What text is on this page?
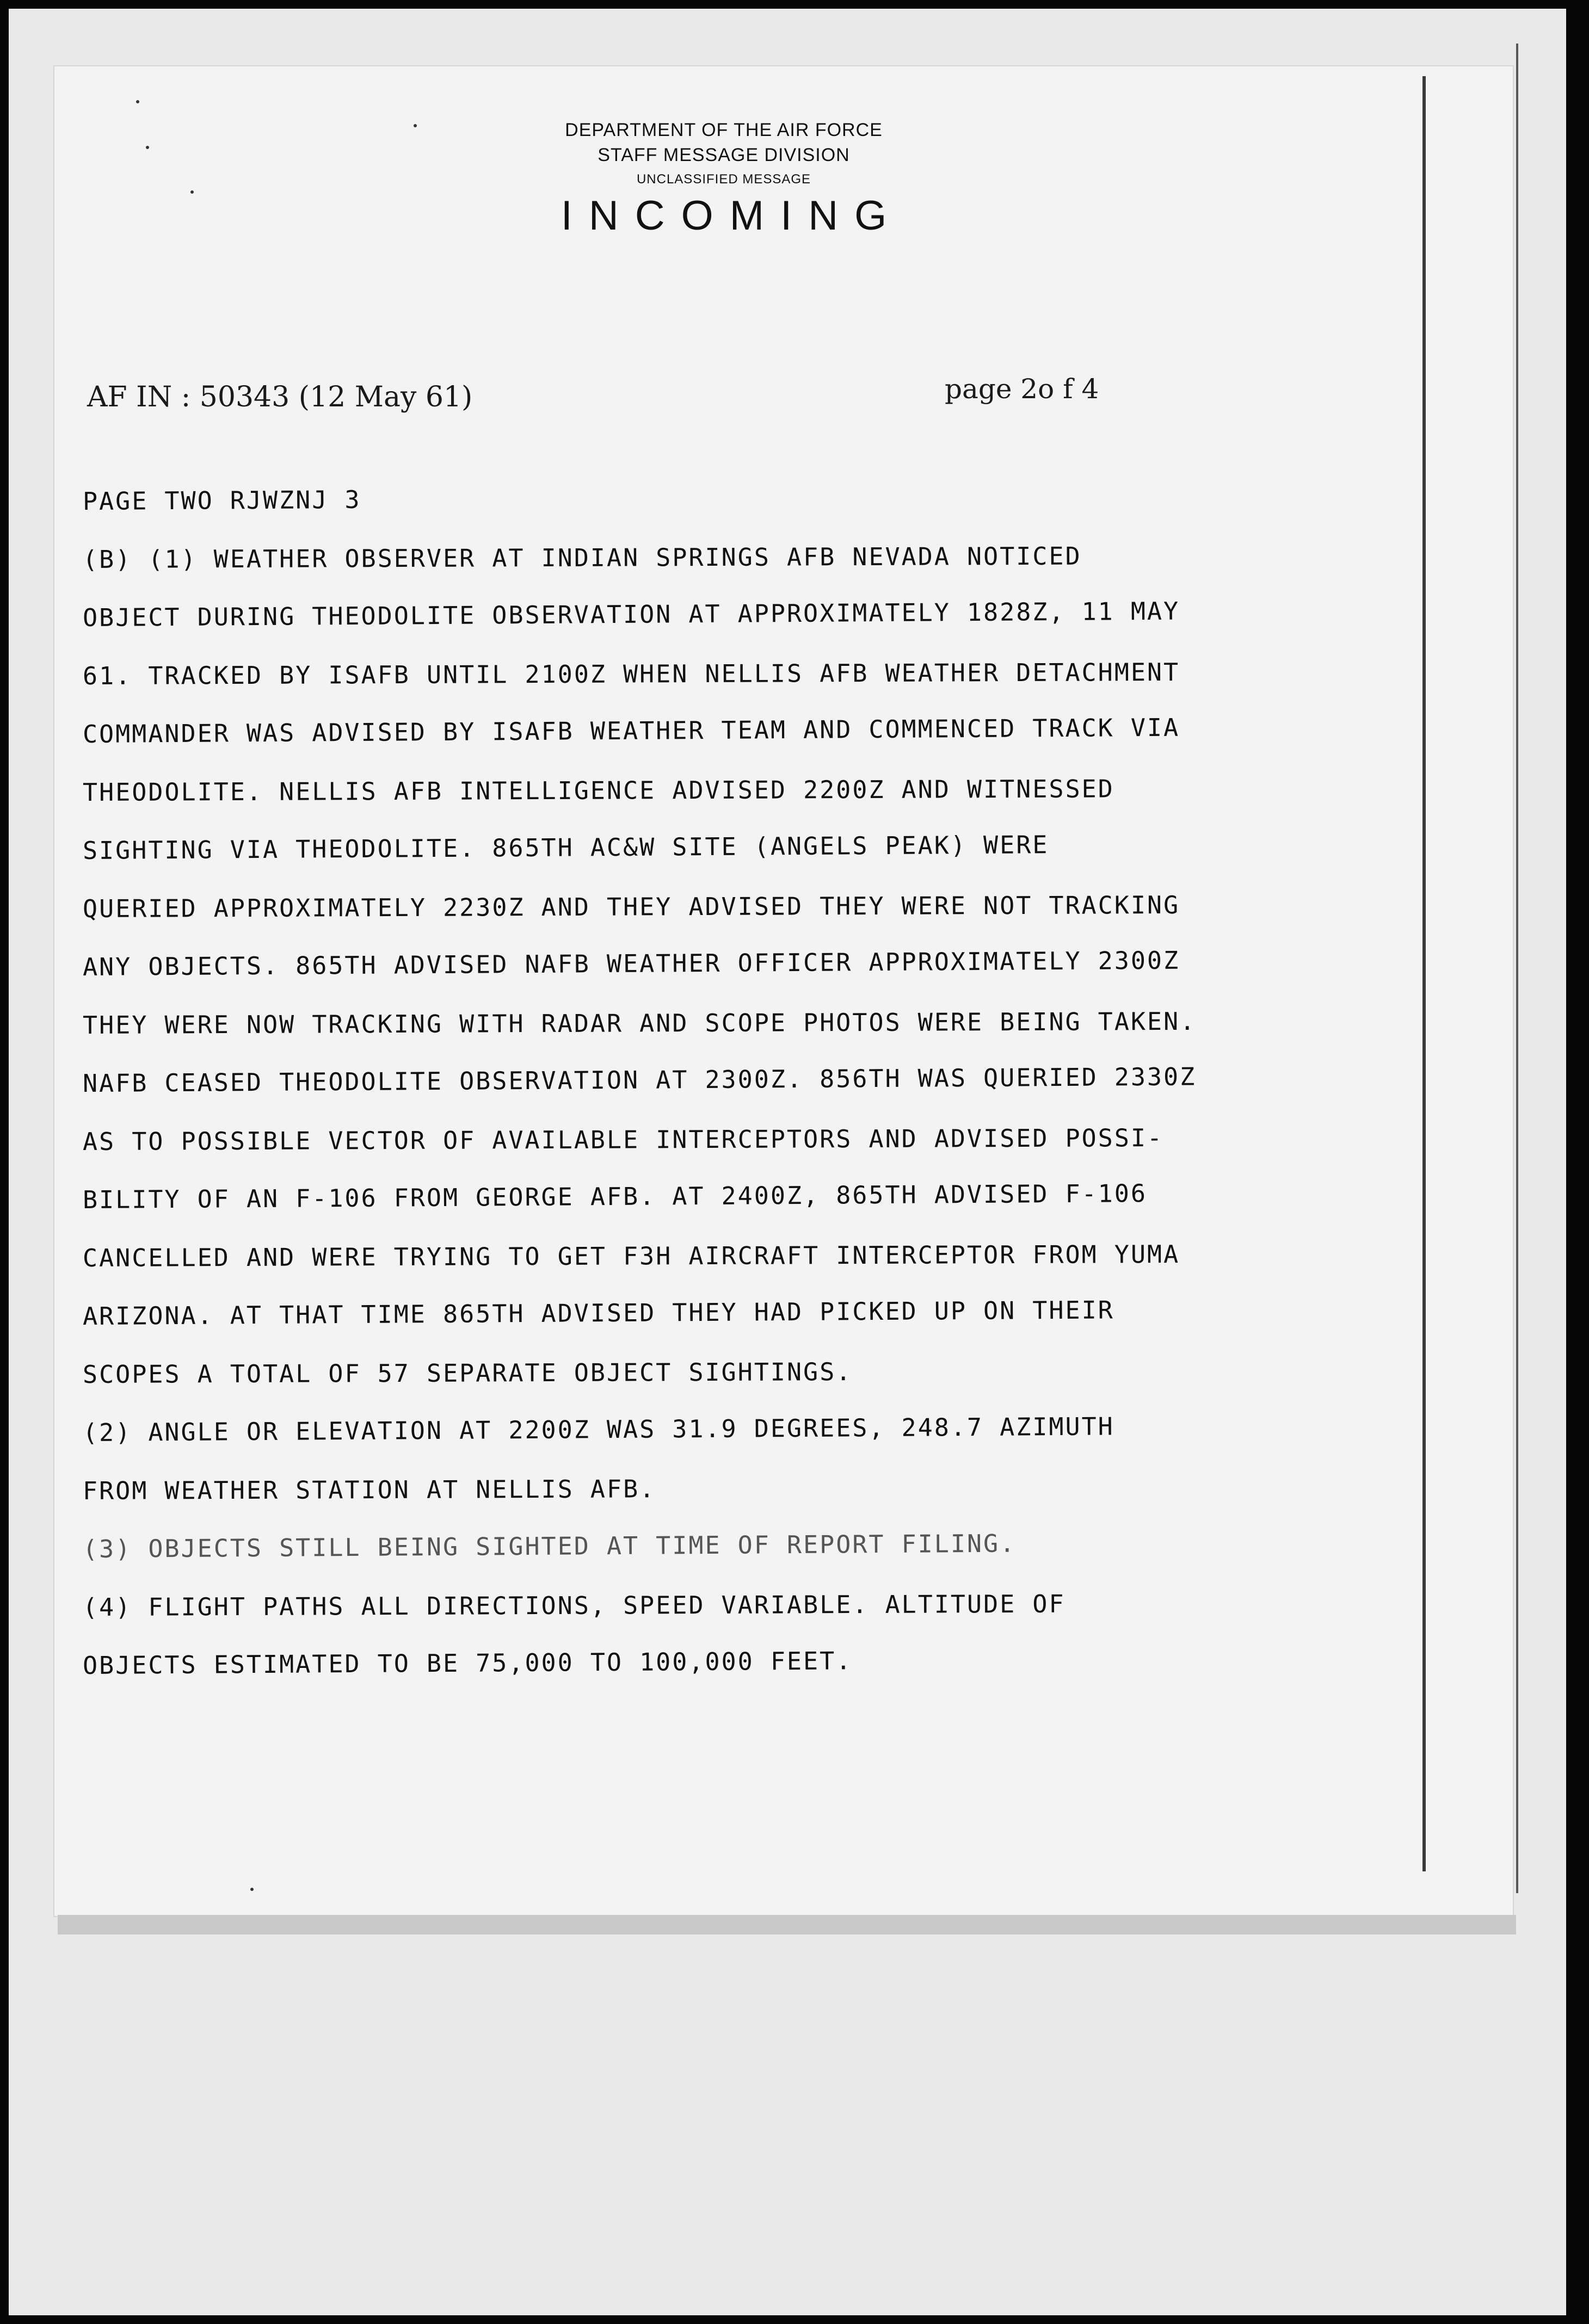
DEPARTMENT OF THE AIR FORCE
STAFF MESSAGE DIVISION
UNCLASSIFIED MESSAGE
INCOMING
AF IN : 50343 (12 May 61)	page 2o f 4
PAGE TWO RJWZNJ 3
(B) (1) WEATHER OBSERVER AT INDIAN SPRINGS AFB NEVADA NOTICED
OBJECT DURING THEODOLITE OBSERVATION AT APPROXIMATELY 1828Z, 11 MAY
61. TRACKED BY ISAFB UNTIL 2100Z WHEN NELLIS AFB WEATHER DETACHMENT
COMMANDER WAS ADVISED BY ISAFB WEATHER TEAM AND COMMENCED TRACK VIA
THEODOLITE. NELLIS AFB INTELLIGENCE ADVISED 2200Z AND WITNESSED
SIGHTING VIA THEODOLITE. 865TH AC&W SITE (ANGELS PEAK) WERE
QUERIED APPROXIMATELY 2230Z AND THEY ADVISED THEY WERE NOT TRACKING
ANY OBJECTS. 865TH ADVISED NAFB WEATHER OFFICER APPROXIMATELY 2300Z
THEY WERE NOW TRACKING WITH RADAR AND SCOPE PHOTOS WERE BEING TAKEN.
NAFB CEASED THEODOLITE OBSERVATION AT 2300Z. 856TH WAS QUERIED 2330Z
AS TO POSSIBLE VECTOR OF AVAILABLE INTERCEPTORS AND ADVISED POSSI-
BILITY OF AN F-106 FROM GEORGE AFB. AT 2400Z, 865TH ADVISED F-106
CANCELLED AND WERE TRYING TO GET F3H AIRCRAFT INTERCEPTOR FROM YUMA
ARIZONA. AT THAT TIME 865TH ADVISED THEY HAD PICKED UP ON THEIR
SCOPES A TOTAL OF 57 SEPARATE OBJECT SIGHTINGS.
(2) ANGLE OR ELEVATION AT 2200Z WAS 31.9 DEGREES, 248.7 AZIMUTH
FROM WEATHER STATION AT NELLIS AFB.
(3) OBJECTS STILL BEING SIGHTED AT TIME OF REPORT FILING.
(4) FLIGHT PATHS ALL DIRECTIONS, SPEED VARIABLE. ALTITUDE OF
OBJECTS ESTIMATED TO BE 75,000 TO 100,000 FEET.
